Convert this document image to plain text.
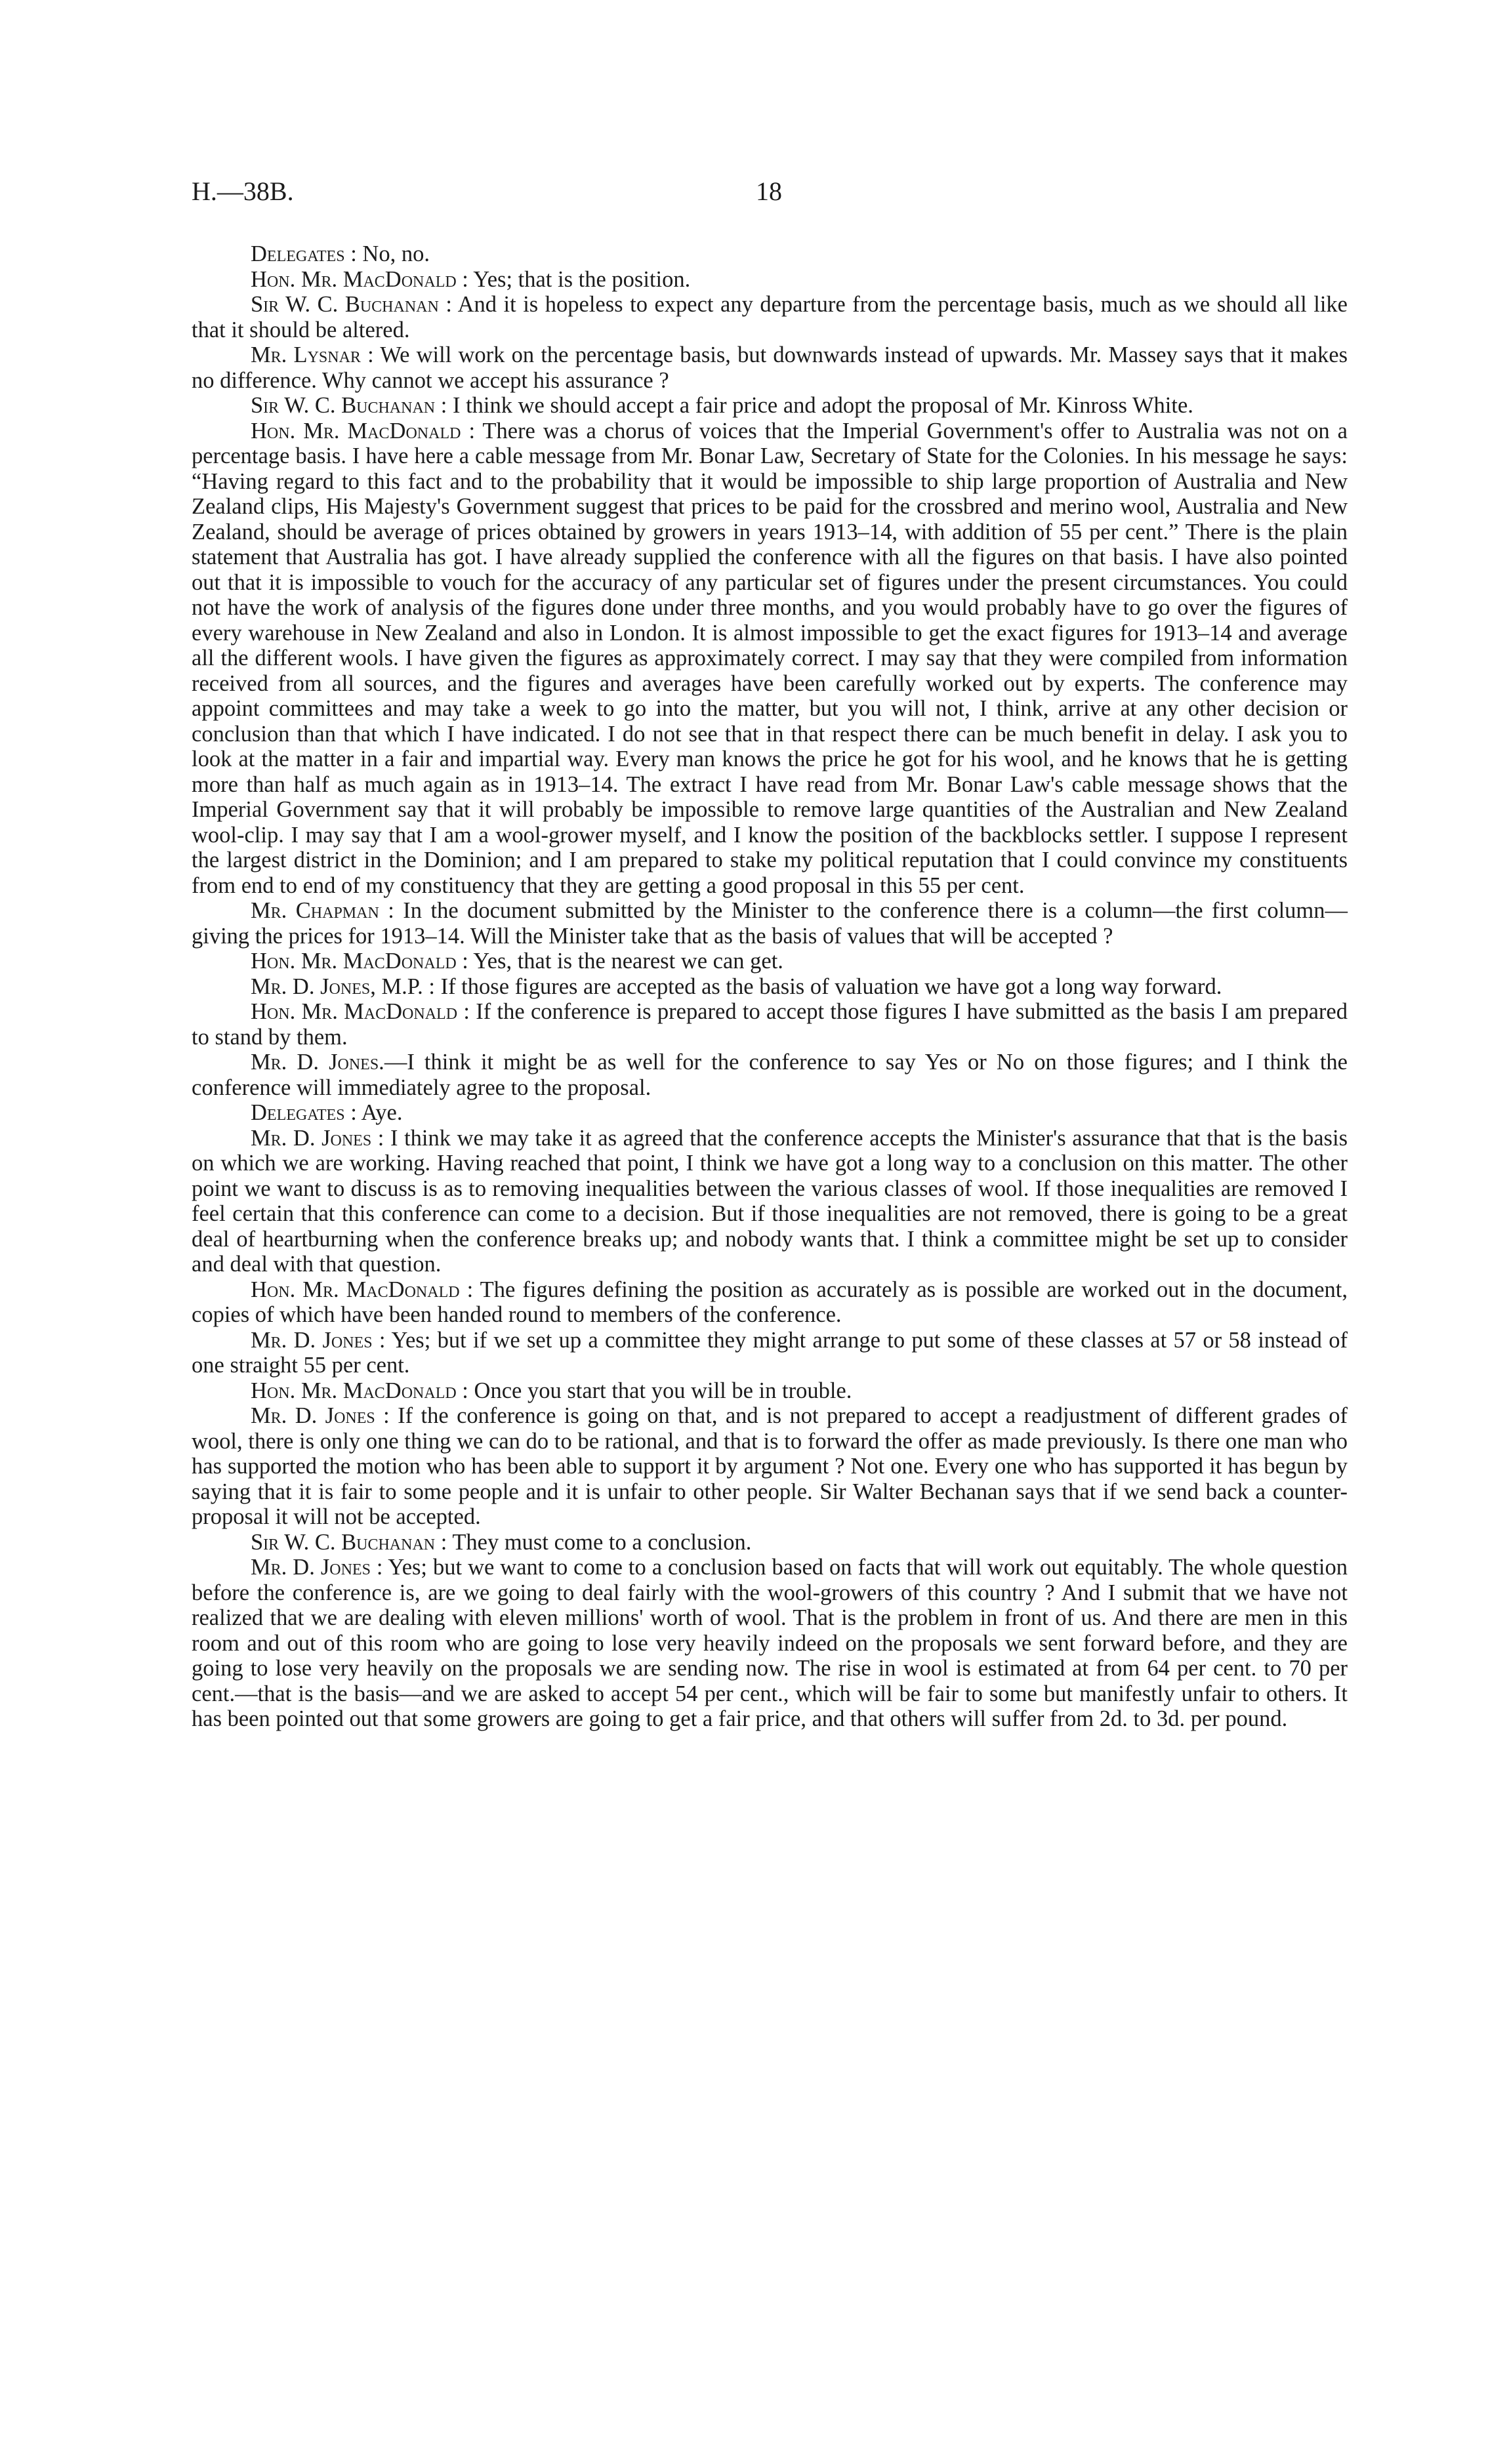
H.—38B.	18

Delegates : No, no.

Hon. Mr. MacDonald : Yes; that is the position.

Sir W. C. Buchanan : And it is hopeless to expect any departure from the percentage basis, much as we should all like that it should be altered.

Mr. Lysnar : We will work on the percentage basis, but downwards instead of upwards. Mr. Massey says that it makes no difference. Why cannot we accept his assurance ?

Sir W. C. Buchanan : I think we should accept a fair price and adopt the proposal of Mr. Kinross White.

Hon. Mr. MacDonald : There was a chorus of voices that the Imperial Government's offer to Australia was not on a percentage basis. I have here a cable message from Mr. Bonar Law, Secretary of State for the Colonies. In his message he says: “Having regard to this fact and to the probability that it would be impossible to ship large proportion of Australia and New Zealand clips, His Majesty's Government suggest that prices to be paid for the crossbred and merino wool, Australia and New Zealand, should be average of prices obtained by growers in years 1913–14, with addition of 55 per cent.” There is the plain statement that Australia has got. I have already supplied the conference with all the figures on that basis. I have also pointed out that it is impossible to vouch for the accuracy of any particular set of figures under the present circumstances. You could not have the work of analysis of the figures done under three months, and you would probably have to go over the figures of every warehouse in New Zealand and also in London. It is almost impossible to get the exact figures for 1913–14 and average all the different wools. I have given the figures as approximately correct. I may say that they were compiled from information received from all sources, and the figures and averages have been carefully worked out by experts. The conference may appoint committees and may take a week to go into the matter, but you will not, I think, arrive at any other decision or conclusion than that which I have indicated. I do not see that in that respect there can be much benefit in delay. I ask you to look at the matter in a fair and impartial way. Every man knows the price he got for his wool, and he knows that he is getting more than half as much again as in 1913–14. The extract I have read from Mr. Bonar Law's cable message shows that the Imperial Government say that it will probably be impossible to remove large quantities of the Australian and New Zealand wool-clip. I may say that I am a wool-grower myself, and I know the position of the backblocks settler. I suppose I represent the largest district in the Dominion; and I am prepared to stake my political reputation that I could convince my constituents from end to end of my constituency that they are getting a good proposal in this 55 per cent.

Mr. Chapman : In the document submitted by the Minister to the conference there is a column—the first column—giving the prices for 1913–14. Will the Minister take that as the basis of values that will be accepted ?

Hon. Mr. MacDonald : Yes, that is the nearest we can get.

Mr. D. Jones, M.P. : If those figures are accepted as the basis of valuation we have got a long way forward.

Hon. Mr. MacDonald : If the conference is prepared to accept those figures I have submitted as the basis I am prepared to stand by them.

Mr. D. Jones.—I think it might be as well for the conference to say Yes or No on those figures; and I think the conference will immediately agree to the proposal.

Delegates : Aye.

Mr. D. Jones : I think we may take it as agreed that the conference accepts the Minister's assurance that that is the basis on which we are working. Having reached that point, I think we have got a long way to a conclusion on this matter. The other point we want to discuss is as to removing inequalities between the various classes of wool. If those inequalities are removed I feel certain that this conference can come to a decision. But if those inequalities are not removed, there is going to be a great deal of heartburning when the conference breaks up; and nobody wants that. I think a committee might be set up to consider and deal with that question.

Hon. Mr. MacDonald : The figures defining the position as accurately as is possible are worked out in the document, copies of which have been handed round to members of the conference.

Mr. D. Jones : Yes; but if we set up a committee they might arrange to put some of these classes at 57 or 58 instead of one straight 55 per cent.

Hon. Mr. MacDonald : Once you start that you will be in trouble.

Mr. D. Jones : If the conference is going on that, and is not prepared to accept a readjustment of different grades of wool, there is only one thing we can do to be rational, and that is to forward the offer as made previously. Is there one man who has supported the motion who has been able to support it by argument ? Not one. Every one who has supported it has begun by saying that it is fair to some people and it is unfair to other people. Sir Walter Bechanan says that if we send back a counter-proposal it will not be accepted.

Sir W. C. Buchanan : They must come to a conclusion.

Mr. D. Jones : Yes; but we want to come to a conclusion based on facts that will work out equitably. The whole question before the conference is, are we going to deal fairly with the wool-growers of this country ? And I submit that we have not realized that we are dealing with eleven millions' worth of wool. That is the problem in front of us. And there are men in this room and out of this room who are going to lose very heavily indeed on the proposals we sent forward before, and they are going to lose very heavily on the proposals we are sending now. The rise in wool is estimated at from 64 per cent. to 70 per cent.—that is the basis—and we are asked to accept 54 per cent., which will be fair to some but manifestly unfair to others. It has been pointed out that some growers are going to get a fair price, and that others will suffer from 2d. to 3d. per pound.
